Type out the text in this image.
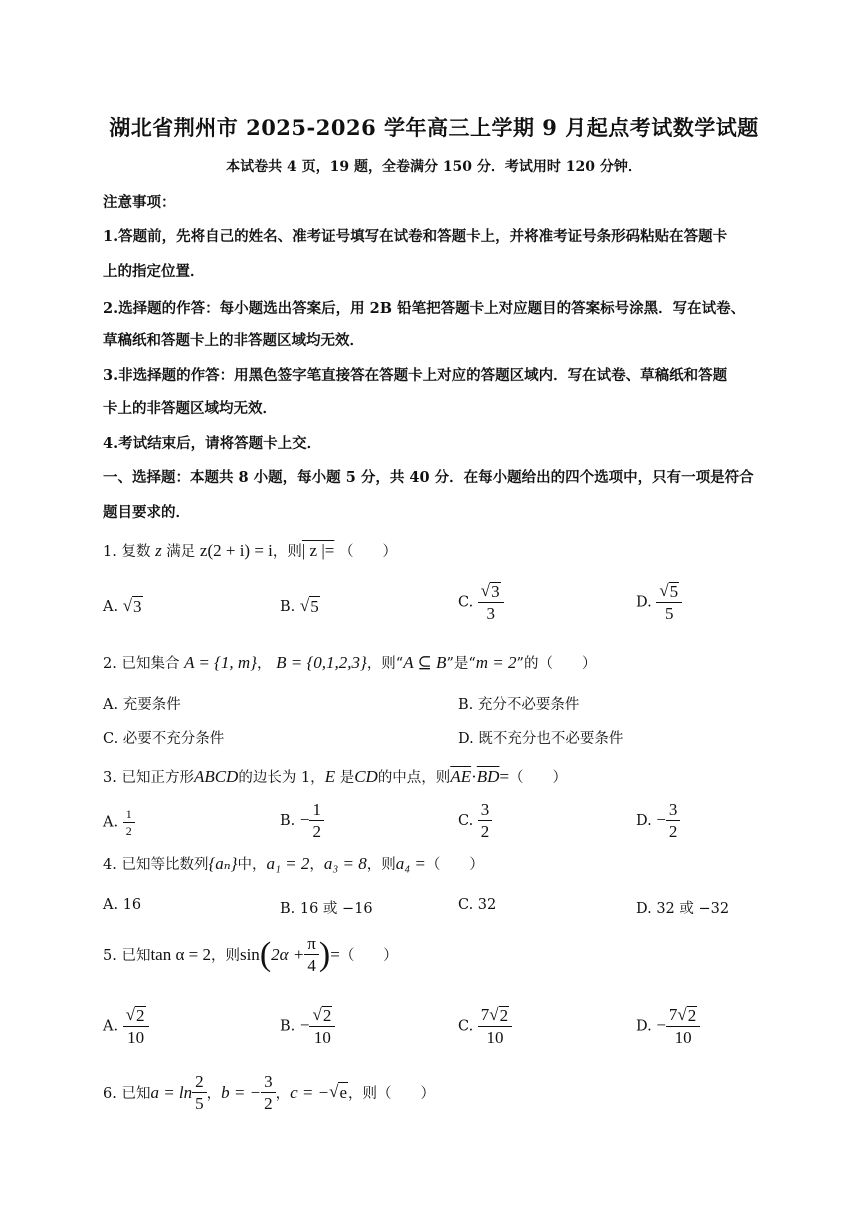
湖北省荆州市 2025-2026 学年高三上学期 9 月起点考试数学试题
本试卷共 4 页，19 题，全卷满分 150 分．考试用时 120 分钟．
注意事项：
1.答题前，先将自己的姓名、准考证号填写在试卷和答题卡上，并将准考证号条形码粘贴在答题卡
上的指定位置．
2.选择题的作答：每小题选出答案后，用 2B 铅笔把答题卡上对应题目的答案标号涂黑．写在试卷、
草稿纸和答题卡上的非答题区域均无效．
3.非选择题的作答：用黑色签字笔直接答在答题卡上对应的答题区域内．写在试卷、草稿纸和答题
卡上的非答题区域均无效．
4.考试结束后，请将答题卡上交．
一、选择题：本题共 8 小题，每小题 5 分，共 40 分．在每小题给出的四个选项中，只有一项是符合
题目要求的．
1. 复数 z 满足 z(2 + i) = i，则| z |= （　　）
A. √ 3	B. √ 5	C. $\frac{√ 3}{3}$	D. $\frac{√ 5}{5}$
2. 已知集合 A = {1, m}， B = {0,1,2,3}，则“A ⊆ B”是“m = 2”的（　　）
A. 充要条件	B. 充分不必要条件
C. 必要不充分条件	D. 既不充分也不必要条件
3. 已知正方形ABCD的边长为 1，E 是CD的中点，则$\overline{AE}\cdot\overline{BD}=$（　　）
A. $\frac{1}{2}$	B. − $\frac{1}{2}$	C. $\frac{3}{2}$	D. − $\frac{3}{2}$
4. 已知等比数列{aₙ}中，a₁ = 2，a₃ = 8，则a₄ =（　　）
A. 16	B. 16 或 −16	C. 32	D. 32 或 −32
5. 已知 tan α = 2 ，则 sin ( $2\alpha + \frac{\pi}{4}$ ) = （　　）
A. $\frac{√ 2}{10}$	B. − $\frac{√ 2}{10}$	C. $\frac{7 √ 2}{10}$	D. − $\frac{7 √ 2}{10}$
6. 已知 $a = \ln \frac{2}{5}$ ， b = − $\frac{3}{2}$ ， c = − √ e ，则（　　）
